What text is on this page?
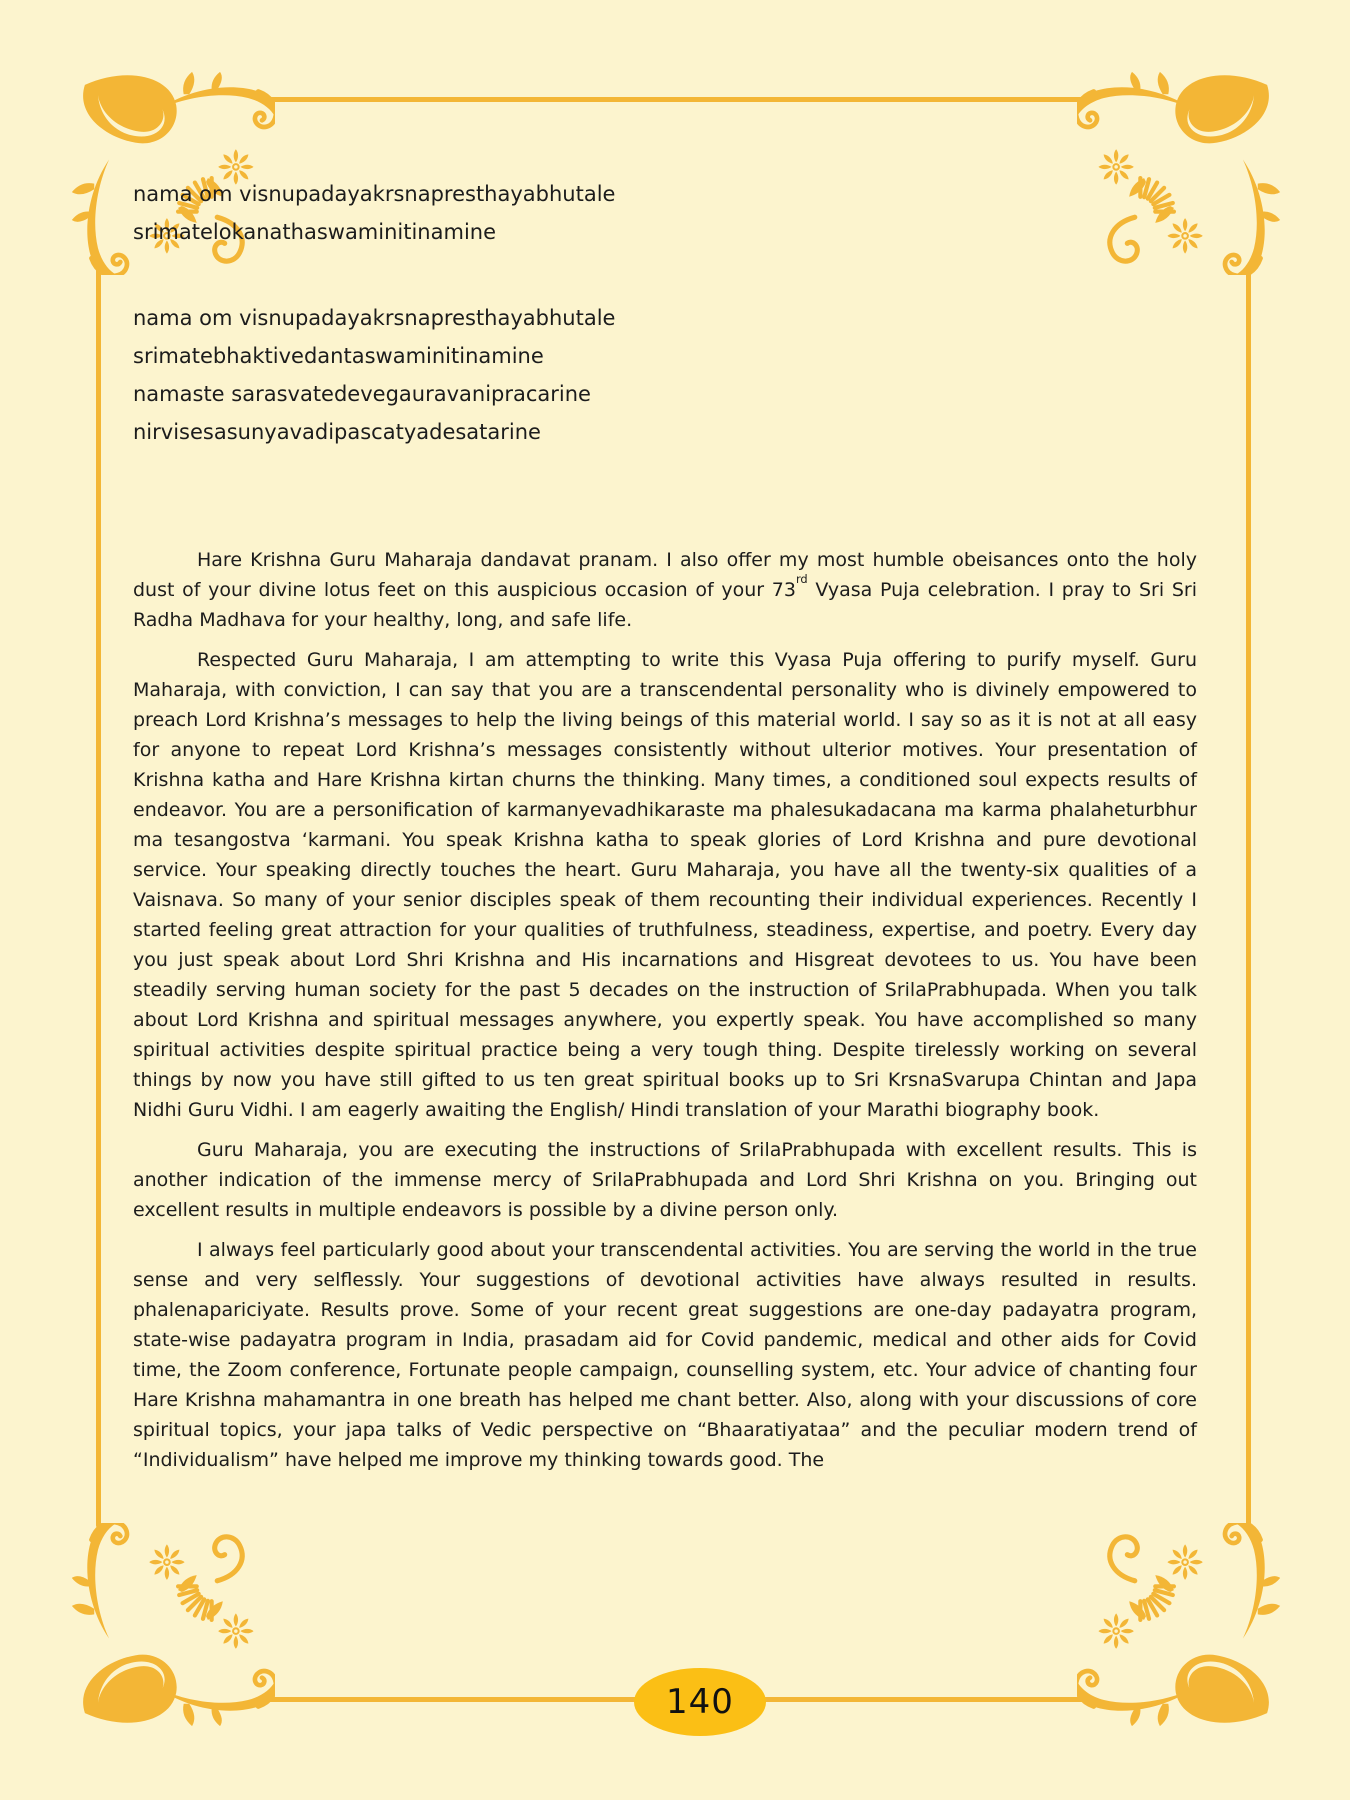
nama om visnupadayakrsnapresthayabhutale
srimatelokanathaswaminitinamine
nama om visnupadayakrsnapresthayabhutale
srimatebhaktivedantaswaminitinamine
namaste sarasvatedevegauravanipracarine
nirvisesasunyavadipascatyadesatarine

Hare Krishna Guru Maharaja dandavat pranam. I also offer my most humble obeisances onto the holy dust of your divine lotus feet on this auspicious occasion of your 73rd Vyasa Puja celebration. I pray to Sri Sri Radha Madhava for your healthy, long, and safe life.

Respected Guru Maharaja, I am attempting to write this Vyasa Puja offering to purify myself. Guru Maharaja, with conviction, I can say that you are a transcendental personality who is divinely empowered to preach Lord Krishna’s messages to help the living beings of this material world. I say so as it is not at all easy for anyone to repeat Lord Krishna’s messages consistently without ulterior motives. Your presentation of Krishna katha and Hare Krishna kirtan churns the thinking. Many times, a conditioned soul expects results of endeavor. You are a personification of karmanyevadhikaraste ma phalesukadacana ma karma phalaheturbhur ma tesangostva ‘karmani. You speak Krishna katha to speak glories of Lord Krishna and pure devotional service. Your speaking directly touches the heart. Guru Maharaja, you have all the twenty-six qualities of a Vaisnava. So many of your senior disciples speak of them recounting their individual experiences. Recently I started feeling great attraction for your qualities of truthfulness, steadiness, expertise, and poetry. Every day you just speak about Lord Shri Krishna and His incarnations and Hisgreat devotees to us. You have been steadily serving human society for the past 5 decades on the instruction of SrilaPrabhupada. When you talk about Lord Krishna and spiritual messages anywhere, you expertly speak. You have accomplished so many spiritual activities despite spiritual practice being a very tough thing. Despite tirelessly working on several things by now you have still gifted to us ten great spiritual books up to Sri KrsnaSvarupa Chintan and Japa Nidhi Guru Vidhi. I am eagerly awaiting the English/ Hindi translation of your Marathi biography book.

Guru Maharaja, you are executing the instructions of SrilaPrabhupada with excellent results. This is another indication of the immense mercy of SrilaPrabhupada and Lord Shri Krishna on you. Bringing out excellent results in multiple endeavors is possible by a divine person only.

I always feel particularly good about your transcendental activities. You are serving the world in the true sense and very selflessly. Your suggestions of devotional activities have always resulted in results. phalenapariciyate. Results prove. Some of your recent great suggestions are one-day padayatra program, state-wise padayatra program in India, prasadam aid for Covid pandemic, medical and other aids for Covid time, the Zoom conference, Fortunate people campaign, counselling system, etc. Your advice of chanting four Hare Krishna mahamantra in one breath has helped me chant better. Also, along with your discussions of core spiritual topics, your japa talks of Vedic perspective on “Bhaaratiyataa” and the peculiar modern trend of “Individualism” have helped me improve my thinking towards good. The

140
